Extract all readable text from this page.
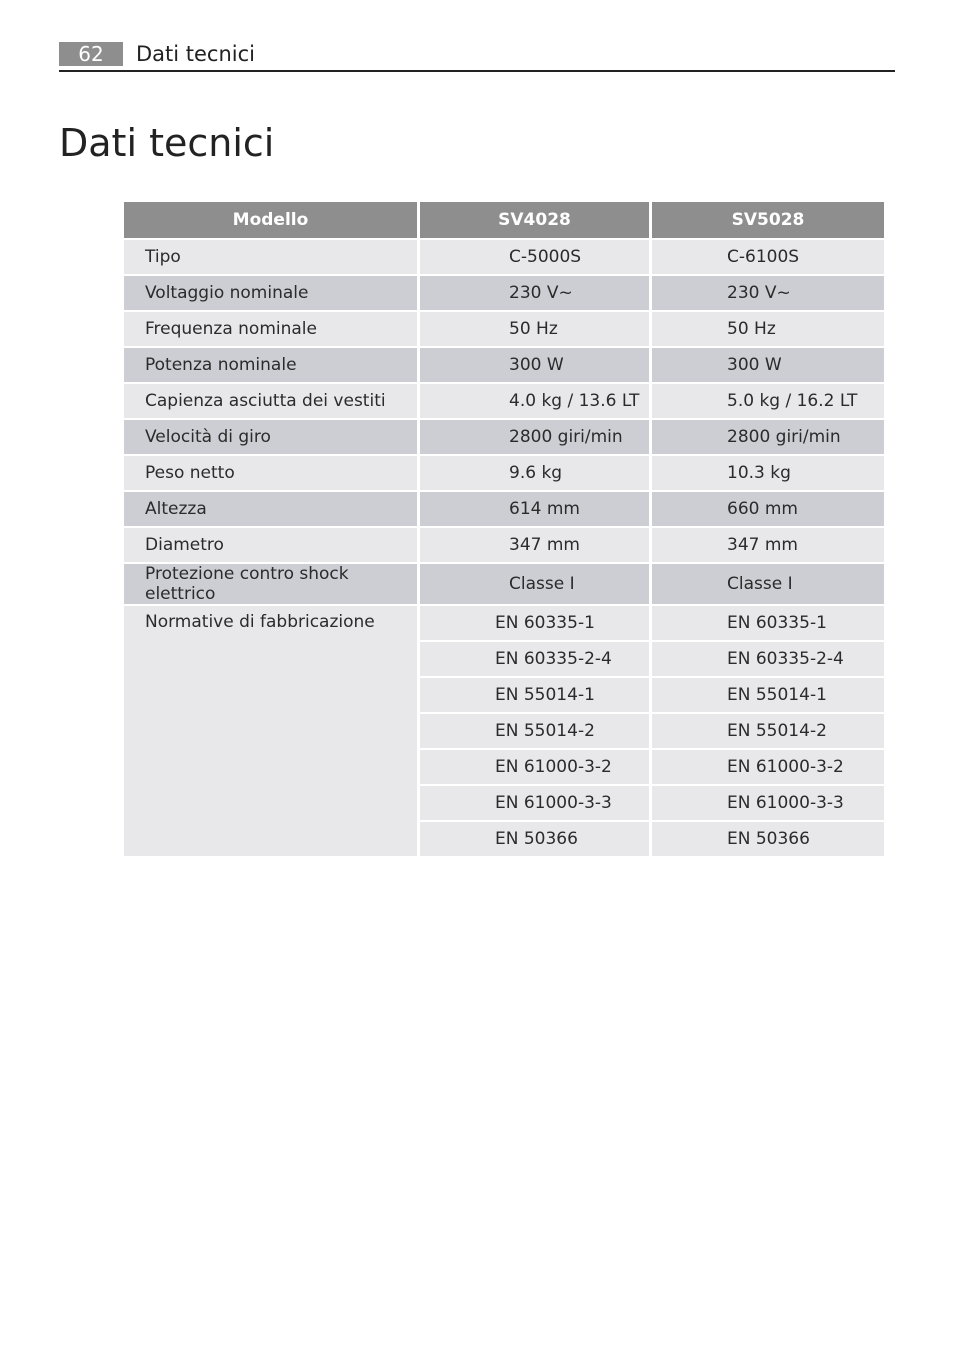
62	Dati tecnici
Dati tecnici
Modello	SV4028	SV5028
Tipo	C-5000S	C-6100S
Voltaggio nominale	230 V~	230 V~
Frequenza nominale	50 Hz	50 Hz
Potenza nominale	300 W	300 W
Capienza asciutta dei vestiti	4.0 kg / 13.6 LT	5.0 kg / 16.2 LT
Velocità di giro	2800 giri/min	2800 giri/min
Peso netto	9.6 kg	10.3 kg
Altezza	614 mm	660 mm
Diametro	347 mm	347 mm
Protezione contro shock elettrico	Classe I	Classe I
Normative di fabbricazione	EN 60335-1	EN 60335-1
	EN 60335-2-4	EN 60335-2-4
	EN 55014-1	EN 55014-1
	EN 55014-2	EN 55014-2
	EN 61000-3-2	EN 61000-3-2
	EN 61000-3-3	EN 61000-3-3
	EN 50366	EN 50366
